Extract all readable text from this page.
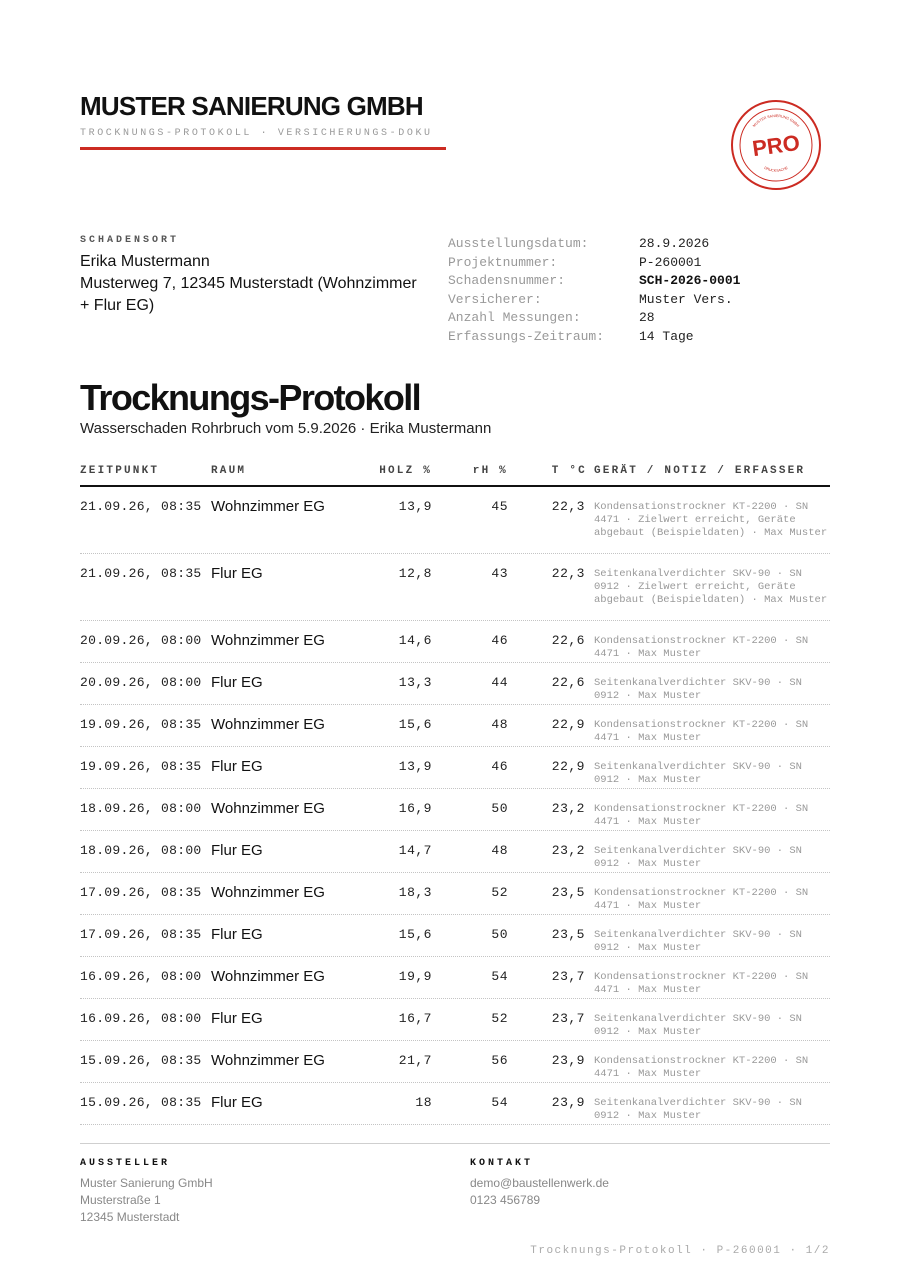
MUSTER SANIERUNG GMBH
TROCKNUNGS-PROTOKOLL · VERSICHERUNGS-DOKU
MUSTER SANIERUNG GMBH
DRUCKSACHE
PRO
SCHADENSORT
Erika Mustermann
Musterweg 7, 12345 Musterstadt (Wohnzimmer + Flur EG)
Ausstellungsdatum:	28.9.2026
Projektnummer:	P-260001
Schadensnummer:	SCH-2026-0001
Versicherer:	Muster Vers.
Anzahl Messungen:	28
Erfassungs-Zeitraum:	14 Tage
Trocknungs-Protokoll
Wasserschaden Rohrbruch vom 5.9.2026 · Erika Mustermann
ZEITPUNKT	RAUM	HOLZ %	rH %	T °C GERÄT / NOTIZ / ERFASSER
21.09.26, 08:35 Wohnzimmer EG	13,9	45	22,3 Kondensationstrockner KT-2200 · SN 4471 · Zielwert erreicht, Geräte abgebaut (Beispieldaten) · Max Muster
21.09.26, 08:35 Flur EG	12,8	43	22,3 Seitenkanalverdichter SKV-90 · SN 0912 · Zielwert erreicht, Geräte abgebaut (Beispieldaten) · Max Muster
20.09.26, 08:00 Wohnzimmer EG	14,6	46	22,6 Kondensationstrockner KT-2200 · SN 4471 · Max Muster
20.09.26, 08:00 Flur EG	13,3	44	22,6 Seitenkanalverdichter SKV-90 · SN 0912 · Max Muster
19.09.26, 08:35 Wohnzimmer EG	15,6	48	22,9 Kondensationstrockner KT-2200 · SN 4471 · Max Muster
19.09.26, 08:35 Flur EG	13,9	46	22,9 Seitenkanalverdichter SKV-90 · SN 0912 · Max Muster
18.09.26, 08:00 Wohnzimmer EG	16,9	50	23,2 Kondensationstrockner KT-2200 · SN 4471 · Max Muster
18.09.26, 08:00 Flur EG	14,7	48	23,2 Seitenkanalverdichter SKV-90 · SN 0912 · Max Muster
17.09.26, 08:35 Wohnzimmer EG	18,3	52	23,5 Kondensationstrockner KT-2200 · SN 4471 · Max Muster
17.09.26, 08:35 Flur EG	15,6	50	23,5 Seitenkanalverdichter SKV-90 · SN 0912 · Max Muster
16.09.26, 08:00 Wohnzimmer EG	19,9	54	23,7 Kondensationstrockner KT-2200 · SN 4471 · Max Muster
16.09.26, 08:00 Flur EG	16,7	52	23,7 Seitenkanalverdichter SKV-90 · SN 0912 · Max Muster
15.09.26, 08:35 Wohnzimmer EG	21,7	56	23,9 Kondensationstrockner KT-2200 · SN 4471 · Max Muster
15.09.26, 08:35 Flur EG	18	54	23,9 Seitenkanalverdichter SKV-90 · SN 0912 · Max Muster
AUSSTELLER
Muster Sanierung GmbH
Musterstraße 1
12345 Musterstadt
KONTAKT
demo@baustellenwerk.de
0123 456789
Trocknungs-Protokoll · P-260001 · 1/2
